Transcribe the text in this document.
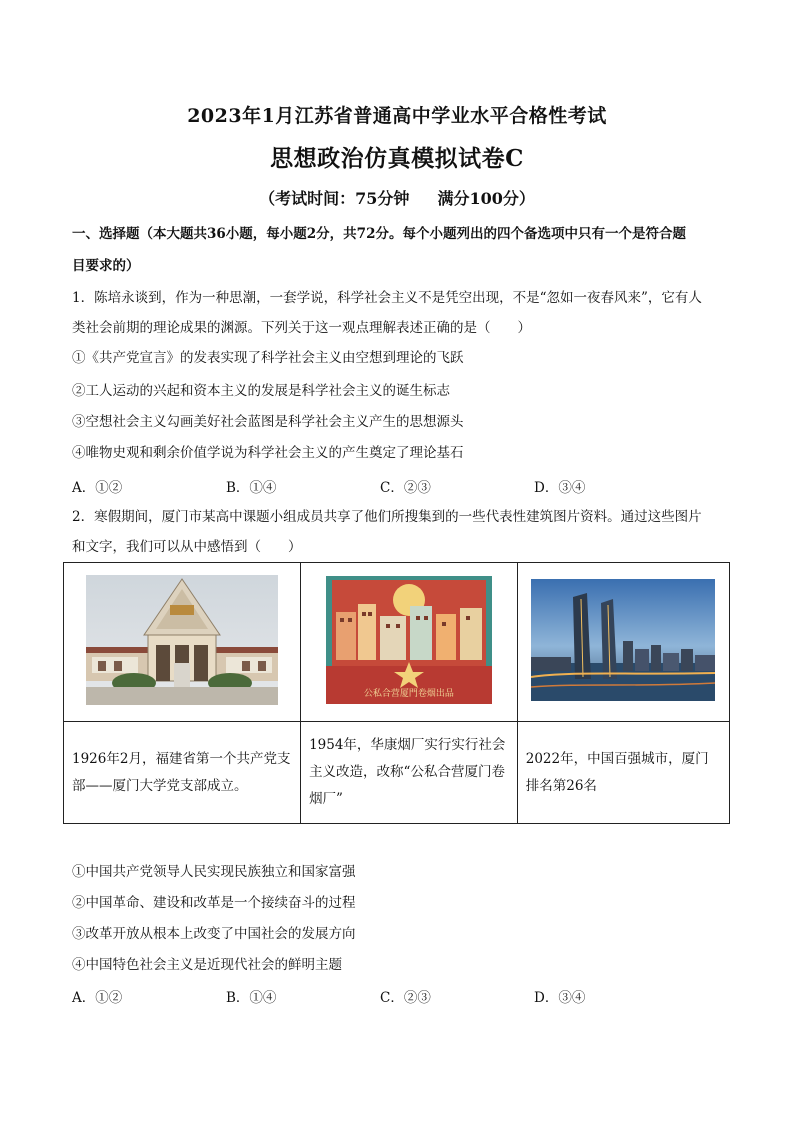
2023年1月江苏省普通高中学业水平合格性考试
思想政治仿真模拟试卷C
（考试时间：75分钟 满分100分）
一、选择题（本大题共36小题，每小题2分，共72分。每个小题列出的四个备选项中只有一个是符合题
目要求的）
1．陈培永谈到，作为一种思潮，一套学说，科学社会主义不是凭空出现，不是“忽如一夜春风来”，它有人
类社会前期的理论成果的渊源。下列关于这一观点理解表述正确的是（　　）
①《共产党宣言》的发表实现了科学社会主义由空想到理论的飞跃
②工人运动的兴起和资本主义的发展是科学社会主义的诞生标志
③空想社会主义勾画美好社会蓝图是科学社会主义产生的思想源头
④唯物史观和剩余价值学说为科学社会主义的产生奠定了理论基石
A．①②	B．①④	C．②③	D．③④
2．寒假期间，厦门市某高中课题小组成员共享了他们所搜集到的一些代表性建筑图片资料。通过这些图片
和文字，我们可以从中感悟到（　　）

公私合营厦門卷烟出品

1926年2月，福建省第一个共产党支部——厦门大学党支部成立。	1954年，华康烟厂实行实行社会主义改造，改称“公私合营厦门卷烟厂”	2022年，中国百强城市，厦门排名第26名
①中国共产党领导人民实现民族独立和国家富强
②中国革命、建设和改革是一个接续奋斗的过程
③改革开放从根本上改变了中国社会的发展方向
④中国特色社会主义是近现代社会的鲜明主题
A．①②	B．①④	C．②③	D．③④
